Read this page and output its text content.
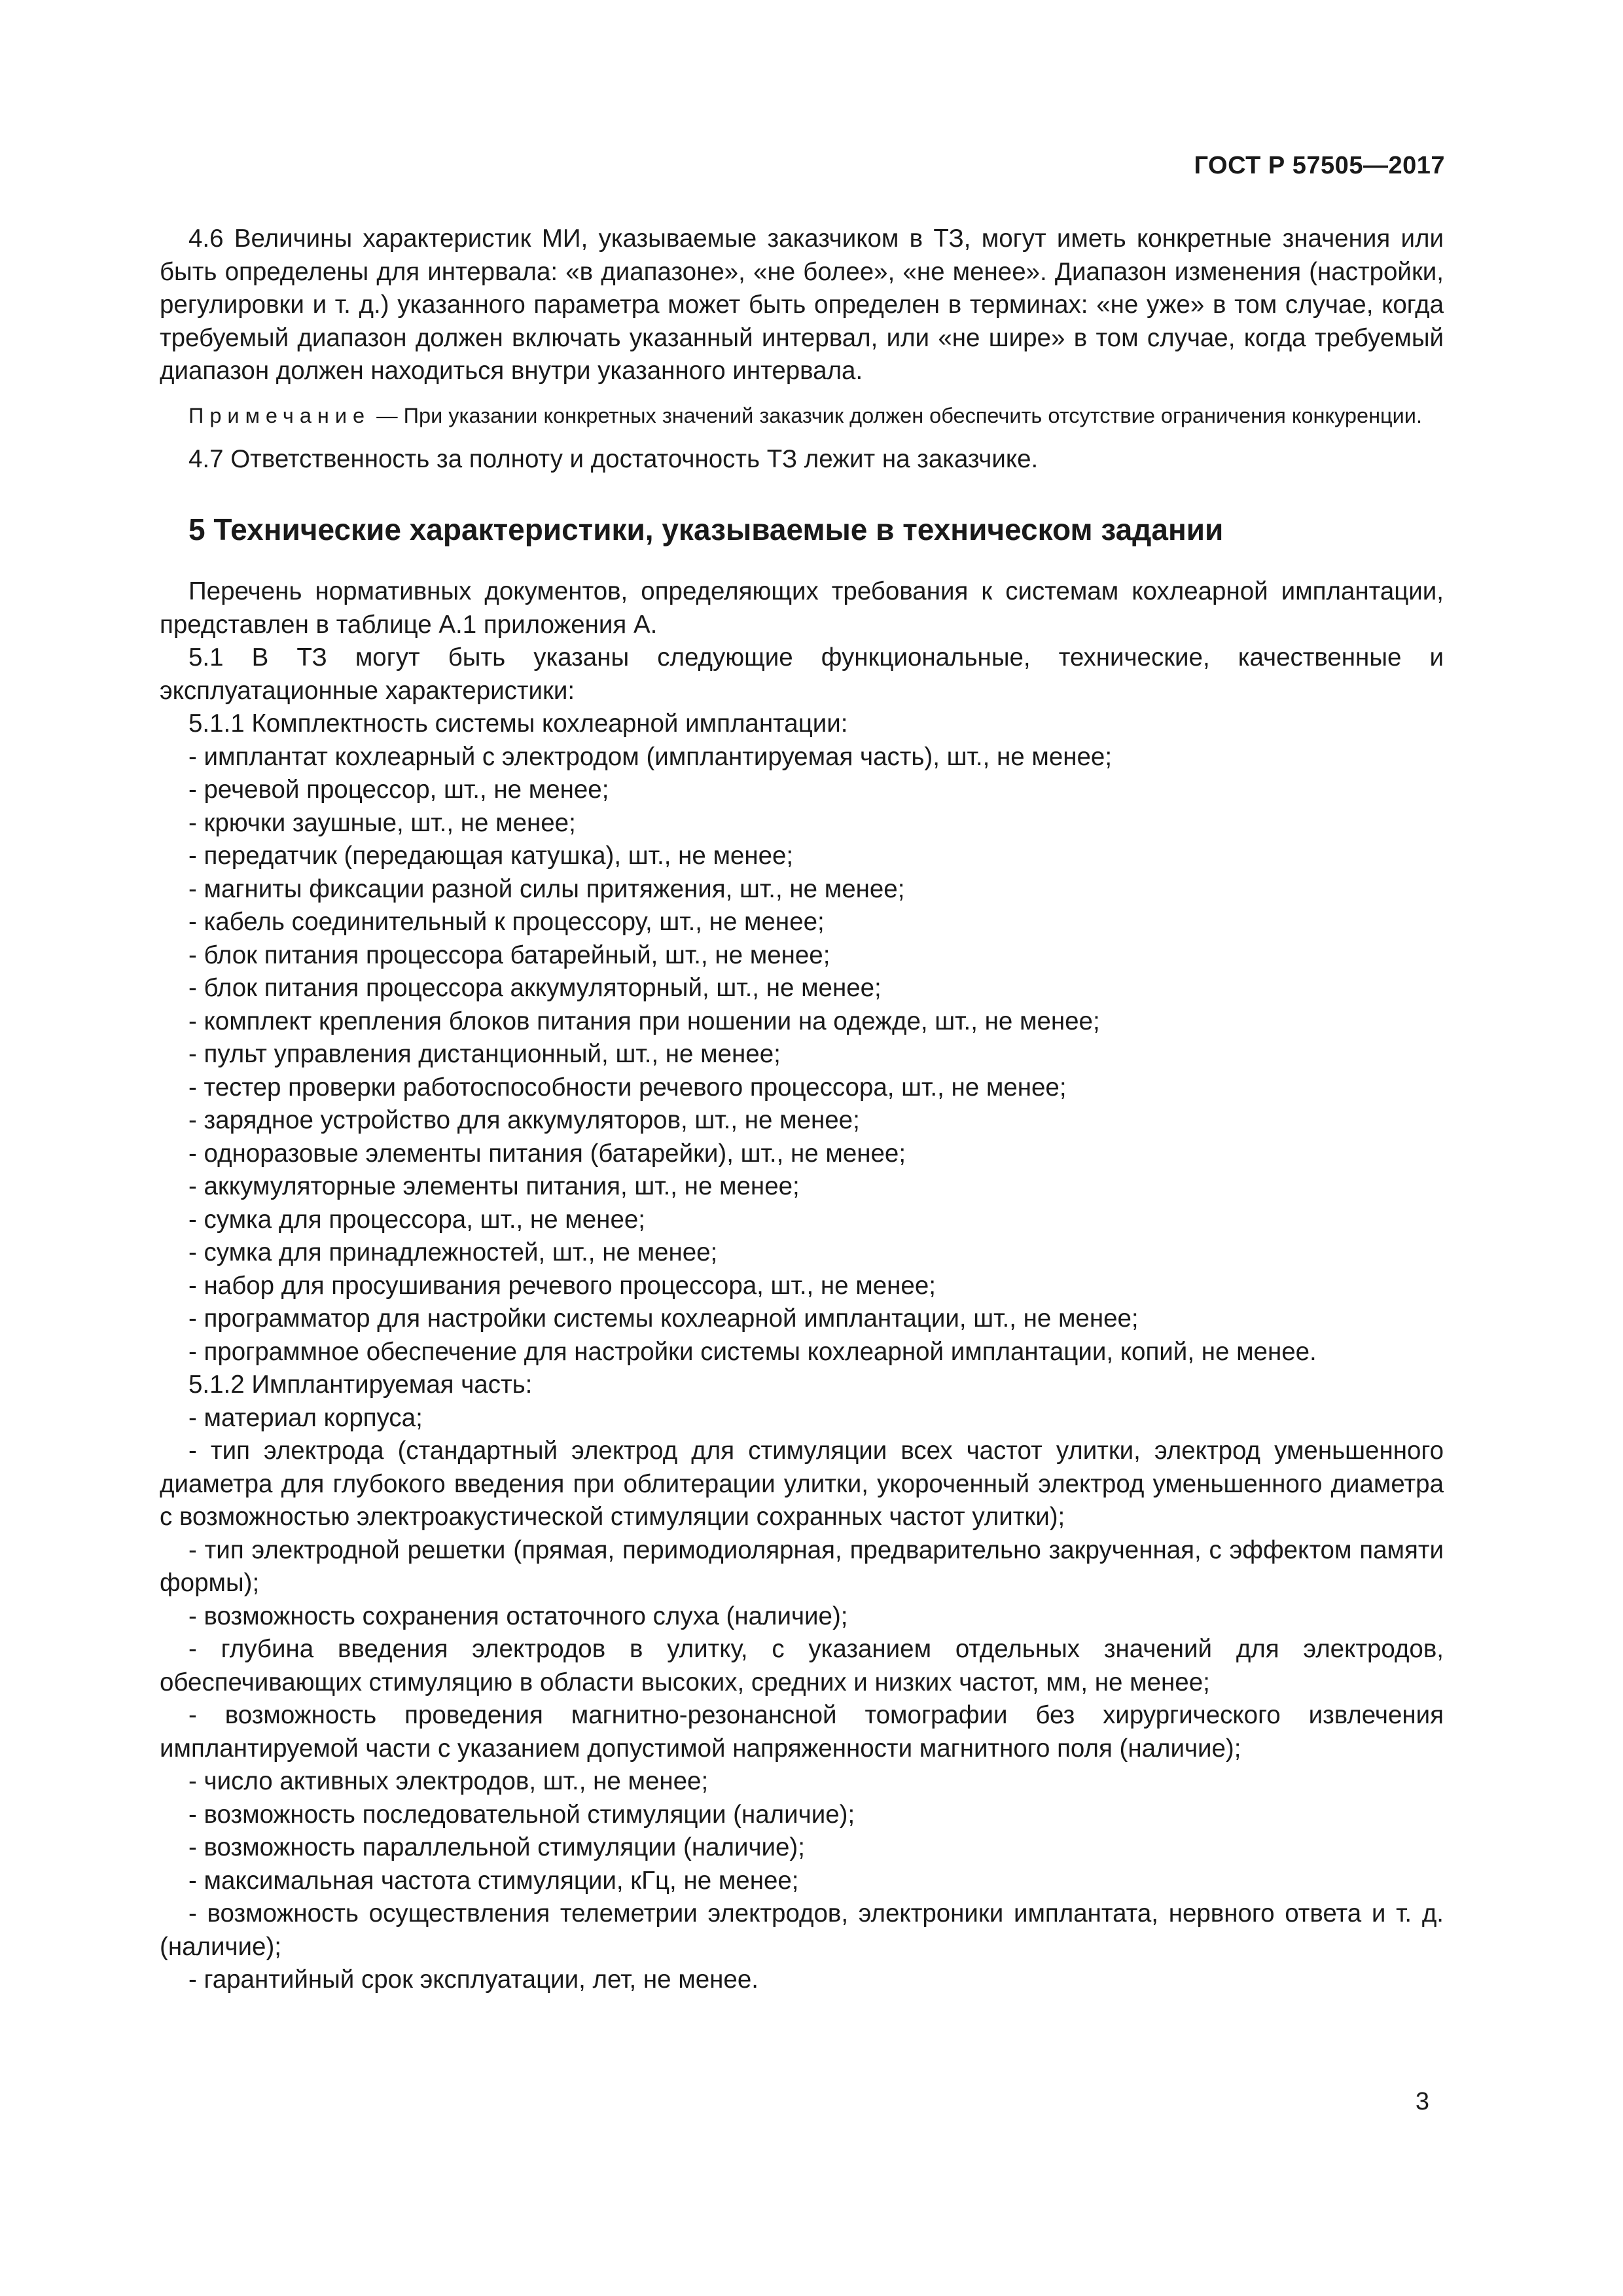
ГОСТ Р 57505—2017

4.6 Величины характеристик МИ, указываемые заказчиком в ТЗ, могут иметь конкретные значения или быть определены для интервала: «в диапазоне», «не более», «не менее». Диапазон изменения (настройки, регулировки и т. д.) указанного параметра может быть определен в терминах: «не уже» в том случае, когда требуемый диапазон должен включать указанный интервал, или «не шире» в том случае, когда требуемый диапазон должен находиться внутри указанного интервала.

Примечание — При указании конкретных значений заказчик должен обеспечить отсутствие ограничения конкуренции.

4.7 Ответственность за полноту и достаточность ТЗ лежит на заказчике.

5 Технические характеристики, указываемые в техническом задании

Перечень нормативных документов, определяющих требования к системам кохлеарной имплантации, представлен в таблице А.1 приложения А.

5.1 В ТЗ могут быть указаны следующие функциональные, технические, качественные и эксплуатационные характеристики:

5.1.1 Комплектность системы кохлеарной имплантации:

- имплантат кохлеарный с электродом (имплантируемая часть), шт., не менее;
- речевой процессор, шт., не менее;
- крючки заушные, шт., не менее;
- передатчик (передающая катушка), шт., не менее;
- магниты фиксации разной силы притяжения, шт., не менее;
- кабель соединительный к процессору, шт., не менее;
- блок питания процессора батарейный, шт., не менее;
- блок питания процессора аккумуляторный, шт., не менее;
- комплект крепления блоков питания при ношении на одежде, шт., не менее;
- пульт управления дистанционный, шт., не менее;
- тестер проверки работоспособности речевого процессора, шт., не менее;
- зарядное устройство для аккумуляторов, шт., не менее;
- одноразовые элементы питания (батарейки), шт., не менее;
- аккумуляторные элементы питания, шт., не менее;
- сумка для процессора, шт., не менее;
- сумка для принадлежностей, шт., не менее;
- набор для просушивания речевого процессора, шт., не менее;
- программатор для настройки системы кохлеарной имплантации, шт., не менее;
- программное обеспечение для настройки системы кохлеарной имплантации, копий, не менее.

5.1.2 Имплантируемая часть:

- материал корпуса;
- тип электрода (стандартный электрод для стимуляции всех частот улитки, электрод уменьшенного диаметра для глубокого введения при облитерации улитки, укороченный электрод уменьшенного диаметра с возможностью электроакустической стимуляции сохранных частот улитки);
- тип электродной решетки (прямая, перимодиолярная, предварительно закрученная, с эффектом памяти формы);
- возможность сохранения остаточного слуха (наличие);
- глубина введения электродов в улитку, с указанием отдельных значений для электродов, обеспечивающих стимуляцию в области высоких, средних и низких частот, мм, не менее;
- возможность проведения магнитно-резонансной томографии без хирургического извлечения имплантируемой части с указанием допустимой напряженности магнитного поля (наличие);
- число активных электродов, шт., не менее;
- возможность последовательной стимуляции (наличие);
- возможность параллельной стимуляции (наличие);
- максимальная частота стимуляции, кГц, не менее;
- возможность осуществления телеметрии электродов, электроники имплантата, нервного ответа и т. д. (наличие);
- гарантийный срок эксплуатации, лет, не менее.
3
